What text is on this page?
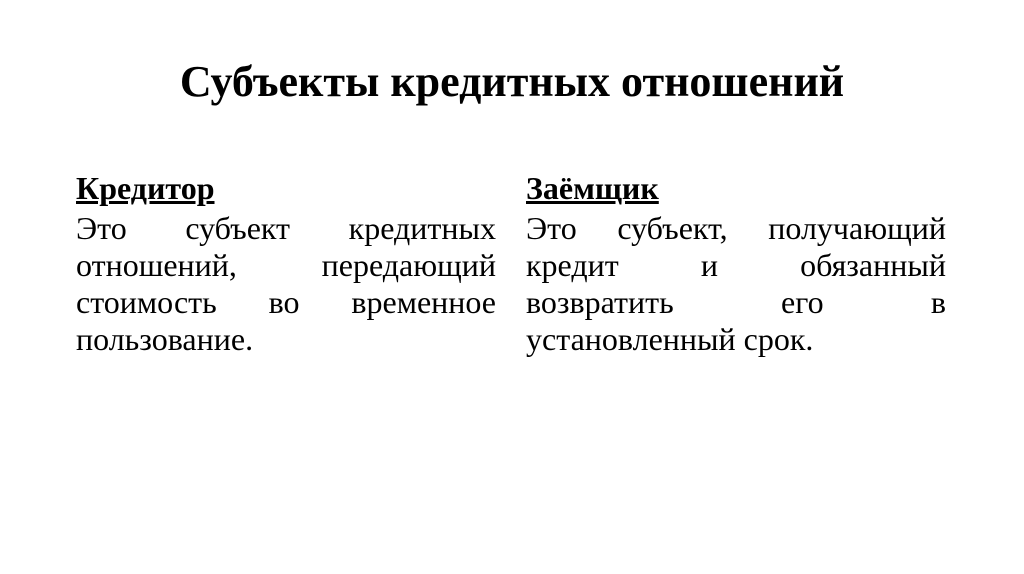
Субъекты кредитных отношений

Кредитор

Это субъект кредитных отношений, передающий стоимость во временное пользование.

Заёмщик

Это субъект, получающий кредит и обязанный возвратить его в установленный срок.
